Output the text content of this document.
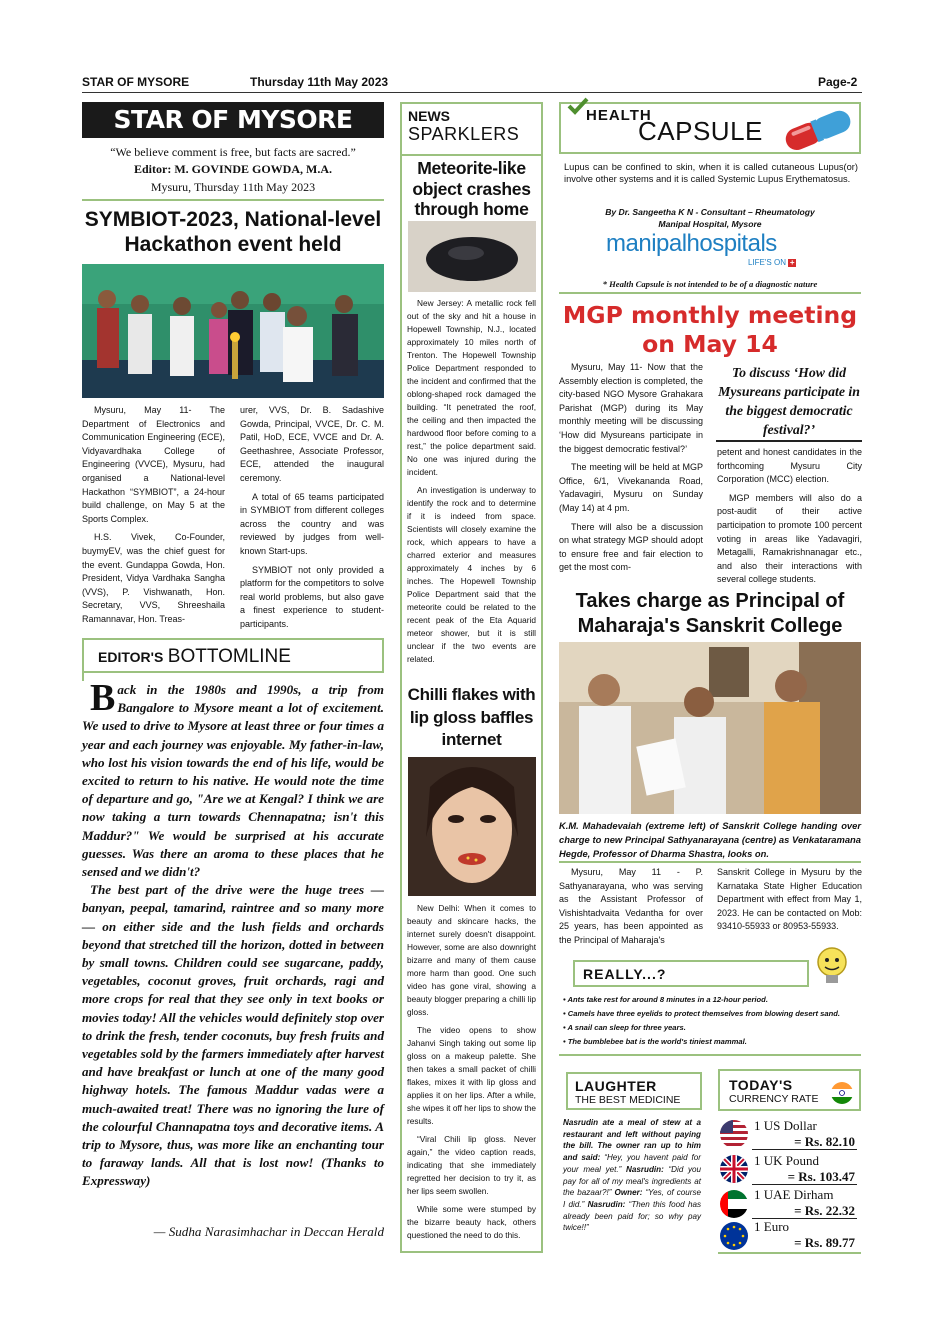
STAR OF MYSORE	Thursday 11th May 2023	Page-2
STAR OF MYSORE
“We believe comment is free, but facts are sacred.”
Editor: M. GOVINDE GOWDA, M.A.
Mysuru, Thursday 11th May 2023
SYMBIOT-2023, National-level Hackathon event held

Mysuru, May 11- The Department of Electronics and Communication Engineering (ECE), Vidyavardhaka College of Engineering (VVCE), Mysuru, had organised a National-level Hackathon “SYMBIOT”, a 24-hour build challenge, on May 5 at the Sports Complex.

H.S. Vivek, Co-Founder, buymyEV, was the chief guest for the event. Gundappa Gowda, Hon. President, Vidya Vardhaka Sangha (VVS), P. Vishwanath, Hon. Secretary, VVS, Shreeshaila Ramannavar, Hon. Treas-

urer, VVS, Dr. B. Sadashive Gowda, Principal, VVCE, Dr. C. M. Patil, HoD, ECE, VVCE and Dr. A. Geethashree, Associate Professor, ECE, attended the inaugural ceremony.

A total of 65 teams participated in SYMBIOT from different colleges across the country and was reviewed by judges from well-known Start-ups.

SYMBIOT not only provided a platform for the competitors to solve real world problems, but also gave a finest experience to student-participants.

EDITOR'S BOTTOMLINE

Back in the 1980s and 1990s, a trip from Bangalore to Mysore meant a lot of excitement. We used to drive to Mysore at least three or four times a year and each journey was enjoyable. My father-in-law, who lost his vision towards the end of his life, would be excited to return to his native. He would note the time of departure and go, "Are we at Kengal? I think we are now taking a turn towards Chennapatna; isn't this Maddur?" We would be surprised at his accurate guesses. Was there an aroma to these places that he sensed and we didn't?

The best part of the drive were the huge trees — banyan, peepal, tamarind, raintree and so many more — on either side and the lush fields and orchards beyond that stretched till the horizon, dotted in between by small towns. Children could see sugarcane, paddy, vegetables, coconut groves, fruit orchards, ragi and more crops for real that they see only in text books or movies today! All the vehicles would definitely stop over to drink the fresh, tender coconuts, buy fresh fruits and vegetables sold by the farmers immediately after harvest and have breakfast or lunch at one of the many good highway hotels. The famous Maddur vadas were a much-awaited treat! There was no ignoring the lure of the colourful Channapatna toys and decorative items. A trip to Mysore, thus, was more like an enchanting tour to faraway lands. All that is lost now! (Thanks to Expressway)

— Sudha Narasimhachar in Deccan Herald
NEWS
SPARKLERS
Meteorite-like object crashes through home

New Jersey: A metallic rock fell out of the sky and hit a house in Hopewell Township, N.J., located approximately 10 miles north of Trenton. The Hopewell Township Police Department responded to the incident and confirmed that the oblong-shaped rock damaged the building. “It penetrated the roof, the ceiling and then impacted the hardwood floor before coming to a rest,” the police department said. No one was injured during the incident.

An investigation is underway to identify the rock and to determine if it is indeed from space. Scientists will closely examine the rock, which appears to have a charred exterior and measures approximately 4 inches by 6 inches. The Hopewell Township Police Department said that the meteorite could be related to the recent peak of the Eta Aquarid meteor shower, but it is still unclear if the two events are related.

Chilli flakes with lip gloss baffles internet

New Delhi: When it comes to beauty and skincare hacks, the internet surely doesn't disappoint. However, some are also downright bizarre and many of them cause more harm than good. One such video has gone viral, showing a beauty blogger preparing a chilli lip gloss.

The video opens to show Jahanvi Singh taking out some lip gloss on a makeup palette. She then takes a small packet of chilli flakes, mixes it with lip gloss and applies it on her lips. After a while, she wipes it off her lips to show the results.

“Viral Chili lip gloss. Never again,” the video caption reads, indicating that she immediately regretted her decision to try it, as her lips seem swollen.

While some were stumped by the bizarre beauty hack, others questioned the need to do this.

HEALTH
CAPSULE
Lupus can be confined to skin, when it is called cutaneous Lupus(or) involve other systems and it is called Systemic Lupus Erythematosus.
By Dr. Sangeetha K N - Consultant – Rheumatology
Manipal Hospital, Mysore
manipalhospitals
LIFE'S ON +
* Health Capsule is not intended to be of a diagnostic nature
MGP monthly meeting on May 14

Mysuru, May 11- Now that the Assembly election is completed, the city-based NGO Mysore Grahakara Parishat (MGP) during its May monthly meeting will be discussing ‘How did Mysureans participate in the biggest democratic festival?’

The meeting will be held at MGP Office, 6/1, Vivekananda Road, Yadavagiri, Mysuru on Sunday (May 14) at 4 pm.

There will also be a discussion on what strategy MGP should adopt to ensure free and fair election to get the most com-

To discuss ‘How did Mysureans participate in the biggest democratic festival?’

petent and honest candidates in the forthcoming Mysuru City Corporation (MCC) election.

MGP members will also do a post-audit of their active participation to promote 100 percent voting in areas like Yadavagiri, Metagalli, Ramakrishnanagar etc., and also their interactions with several college students.

Takes charge as Principal of Maharaja's Sanskrit College
K.M. Mahadevaiah (extreme left) of Sanskrit College handing over charge to new Principal Sathyanarayana (centre) as Venkataramana Hegde, Professor of Dharma Shastra, looks on.

Mysuru, May 11 - P. Sathyanarayana, who was serving as the Assistant Professor of Vishishtadvaita Vedantha for over 25 years, has been appointed as the Principal of Maharaja's

Sanskrit College in Mysuru by the Karnataka State Higher Education Department with effect from May 1, 2023. He can be contacted on Mob: 93410-55933 or 80953-55933.

REALLY...?
• Ants take rest for around 8 minutes in a 12-hour period.
• Camels have three eyelids to protect themselves from blowing desert sand.
• A snail can sleep for three years.
• The bumblebee bat is the world's tiniest mammal.
LAUGHTER
THE BEST MEDICINE
Nasrudin ate a meal of stew at a restaurant and left without paying the bill. The owner ran up to him and said: “Hey, you havent paid for your meal yet.” Nasrudin: “Did you pay for all of my meal's ingredients at the bazaar?!” Owner: “Yes, of course I did.” Nasrudin: “Then this food has already been paid for; so why pay twice!!”
TODAY'S
CURRENCY RATE
1 US Dollar
= Rs. 82.10
1 UK Pound
= Rs. 103.47
1 UAE Dirham
= Rs. 22.32
1 Euro
= Rs. 89.77
